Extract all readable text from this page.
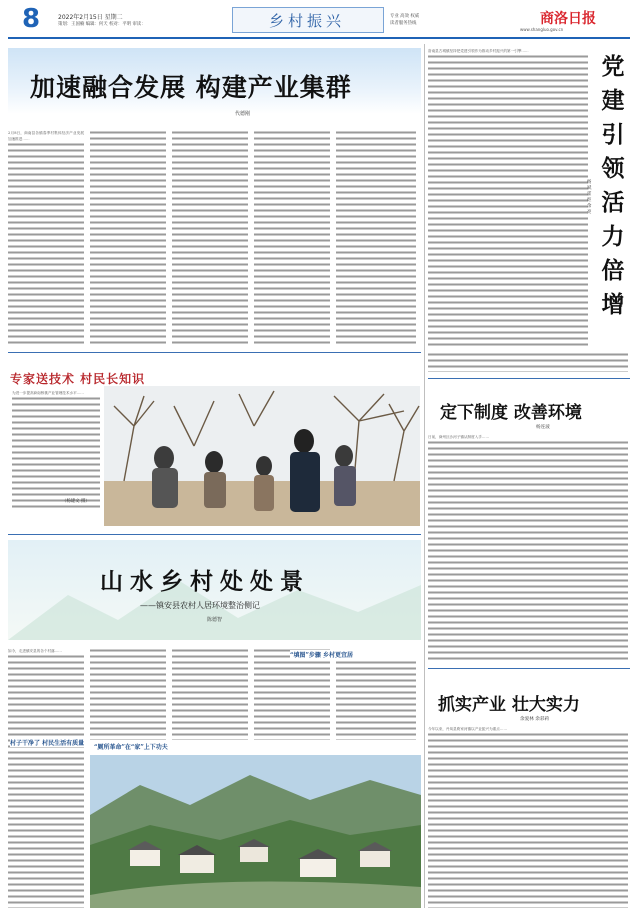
8	2022年2月15日 星期二
策划：王国楠 编辑：何天 校对：平明 审读：	乡村振兴	专业 高效 权威
读者服务热线	商洛日报
www.shangluo.gov.cn
加速融合发展 构建产业集群
代德刚
2月8日，商南县各镇春季村集体经济产业发展加速推进……
专家送技术 村民长知识
为进一步提高商南核桃产业管理技术水平……
（杨建文 摄）
山水乡村处处景
——镇安县农村人居环境整治侧记
陈德智
如今，走进镇安县的各个村落……
村子干净了 村民生活有质量
“厕所革命”在“家”上下功夫
“填图”步骤 乡村更宜居
洛南县古城镇坚持把党建引领作为推动乡村振兴的第一引擎……
党建引领 活力倍增
杨斌 霍炬 余亮
定下制度 改善环境
杨连波
日前，商州区沙河子镇从制度入手……
抓实产业 壮大实力
余爱林 余彩莉
今年以来，丹凤县庾家河镇以产业振兴为重点……
